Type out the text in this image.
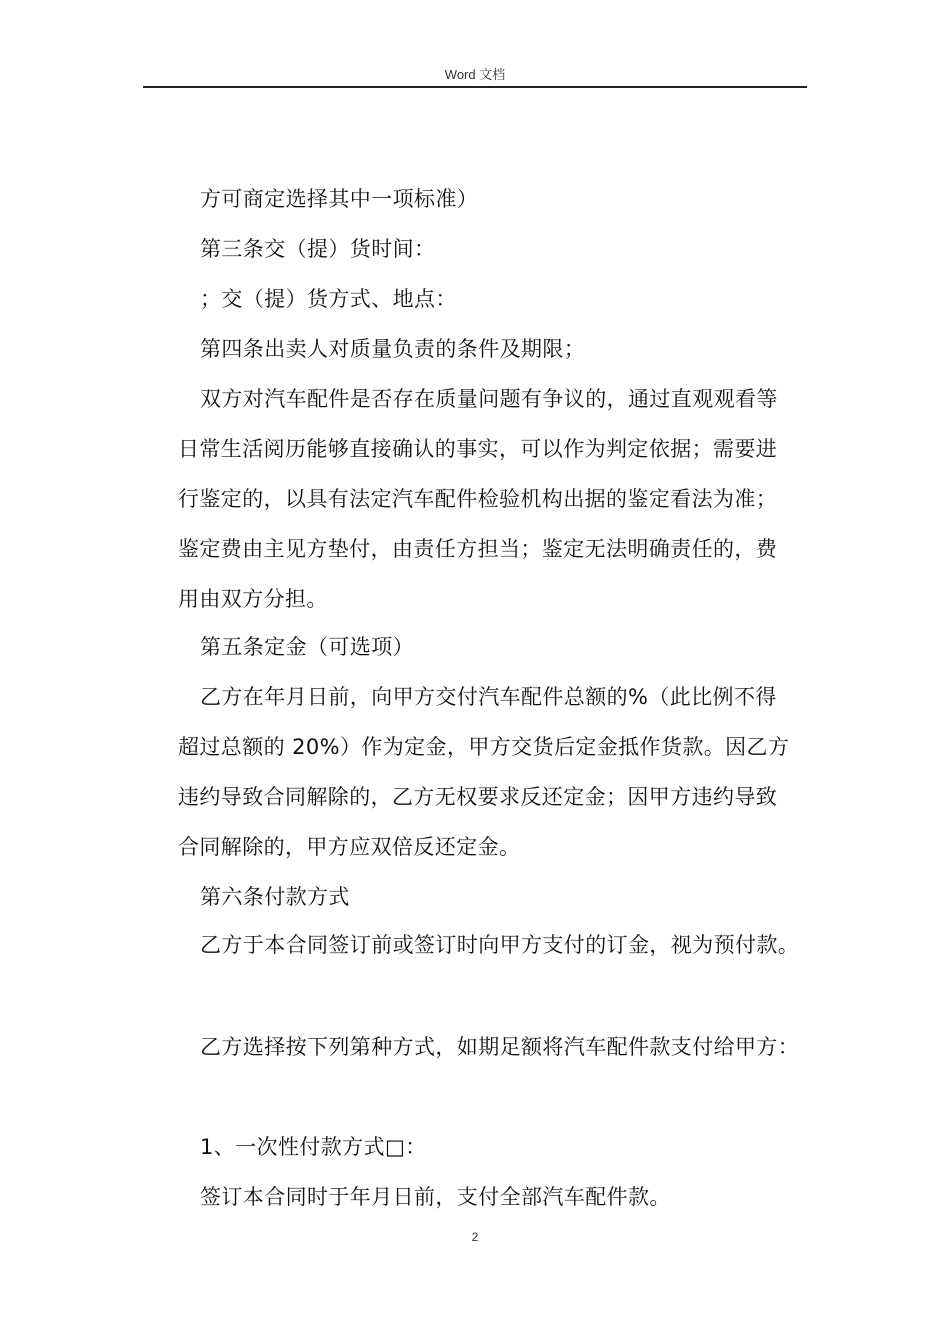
Word 文档
方可商定选择其中一项标准）
第三条交（提）货时间：
；交（提）货方式、地点：
第四条出卖人对质量负责的条件及期限；
双方对汽车配件是否存在质量问题有争议的，通过直观观看等
日常生活阅历能够直接确认的事实，可以作为判定依据；需要进
行鉴定的，以具有法定汽车配件检验机构出据的鉴定看法为准；
鉴定费由主见方垫付，由责任方担当；鉴定无法明确责任的，费
用由双方分担。
第五条定金（可选项）
乙方在年月日前，向甲方交付汽车配件总额的%（此比例不得
超过总额的 20%）作为定金，甲方交货后定金抵作货款。因乙方
违约导致合同解除的，乙方无权要求反还定金；因甲方违约导致
合同解除的，甲方应双倍反还定金。
第六条付款方式
乙方于本合同签订前或签订时向甲方支付的订金，视为预付款。
乙方选择按下列第种方式，如期足额将汽车配件款支付给甲方：
1、一次性付款方式□：
签订本合同时于年月日前，支付全部汽车配件款。
2
